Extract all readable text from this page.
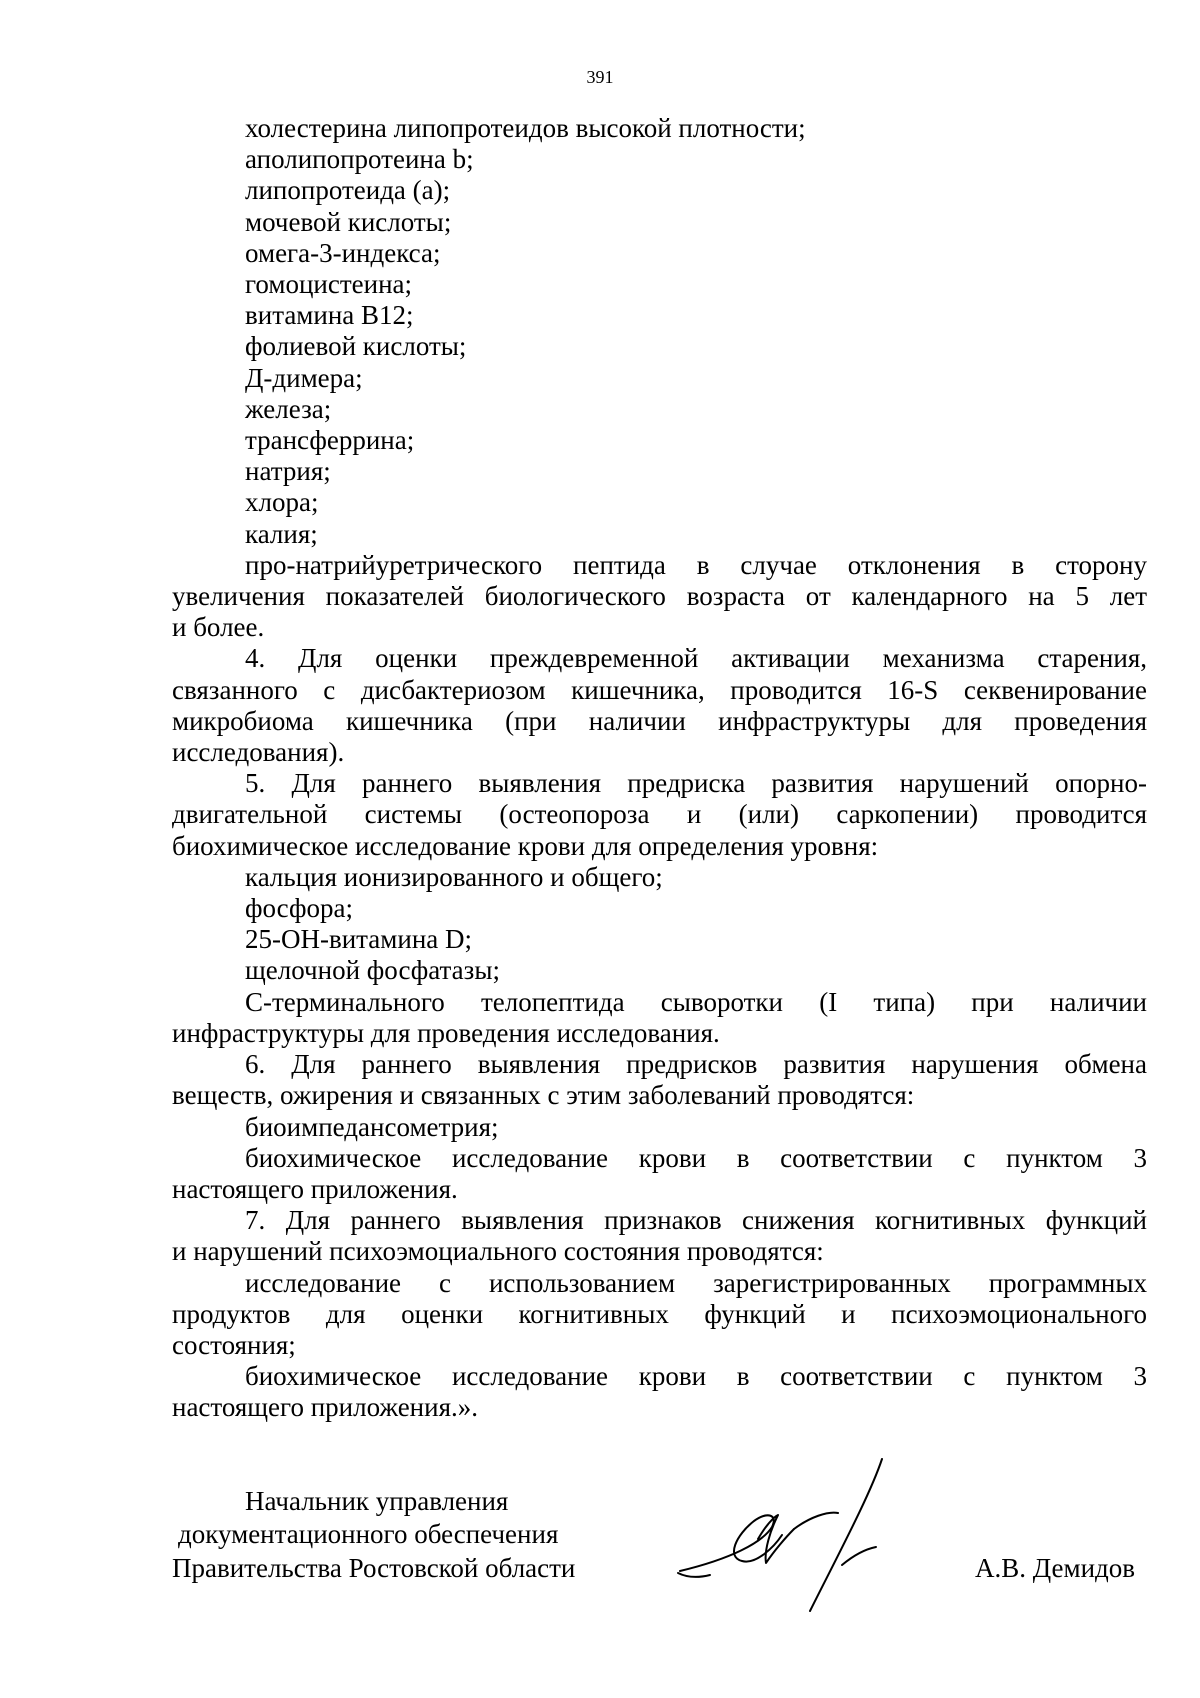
391
холестерина липопротеидов высокой плотности;
аполипопротеина b;
липопротеида (а);
мочевой кислоты;
омега-3-индекса;
гомоцистеина;
витамина В12;
фолиевой кислоты;
Д-димера;
железа;
трансферрина;
натрия;
хлора;
калия;
про-натрийуретрического пептида в случае отклонения в сторону
увеличения показателей биологического возраста от календарного на 5 лет
и более.
4. Для оценки преждевременной активации механизма старения,
связанного с дисбактериозом кишечника, проводится 16-S секвенирование
микробиома кишечника (при наличии инфраструктуры для проведения
исследования).
5. Для раннего выявления предриска развития нарушений опорно-
двигательной системы (остеопороза и (или) саркопении) проводится
биохимическое исследование крови для определения уровня:
кальция ионизированного и общего;
фосфора;
25-ОН-витамина D;
щелочной фосфатазы;
С-терминального телопептида сыворотки (I типа) при наличии
инфраструктуры для проведения исследования.
6. Для раннего выявления предрисков развития нарушения обмена
веществ, ожирения и связанных с этим заболеваний проводятся:
биоимпедансометрия;
биохимическое исследование крови в соответствии с пунктом 3
настоящего приложения.
7. Для раннего выявления признаков снижения когнитивных функций
и нарушений психоэмоциального состояния проводятся:
исследование с использованием зарегистрированных программных
продуктов для оценки когнитивных функций и психоэмоционального
состояния;
биохимическое исследование крови в соответствии с пунктом 3
настоящего приложения.».
Начальник управления
документационного обеспечения
Правительства Ростовской области	А.В. Демидов
